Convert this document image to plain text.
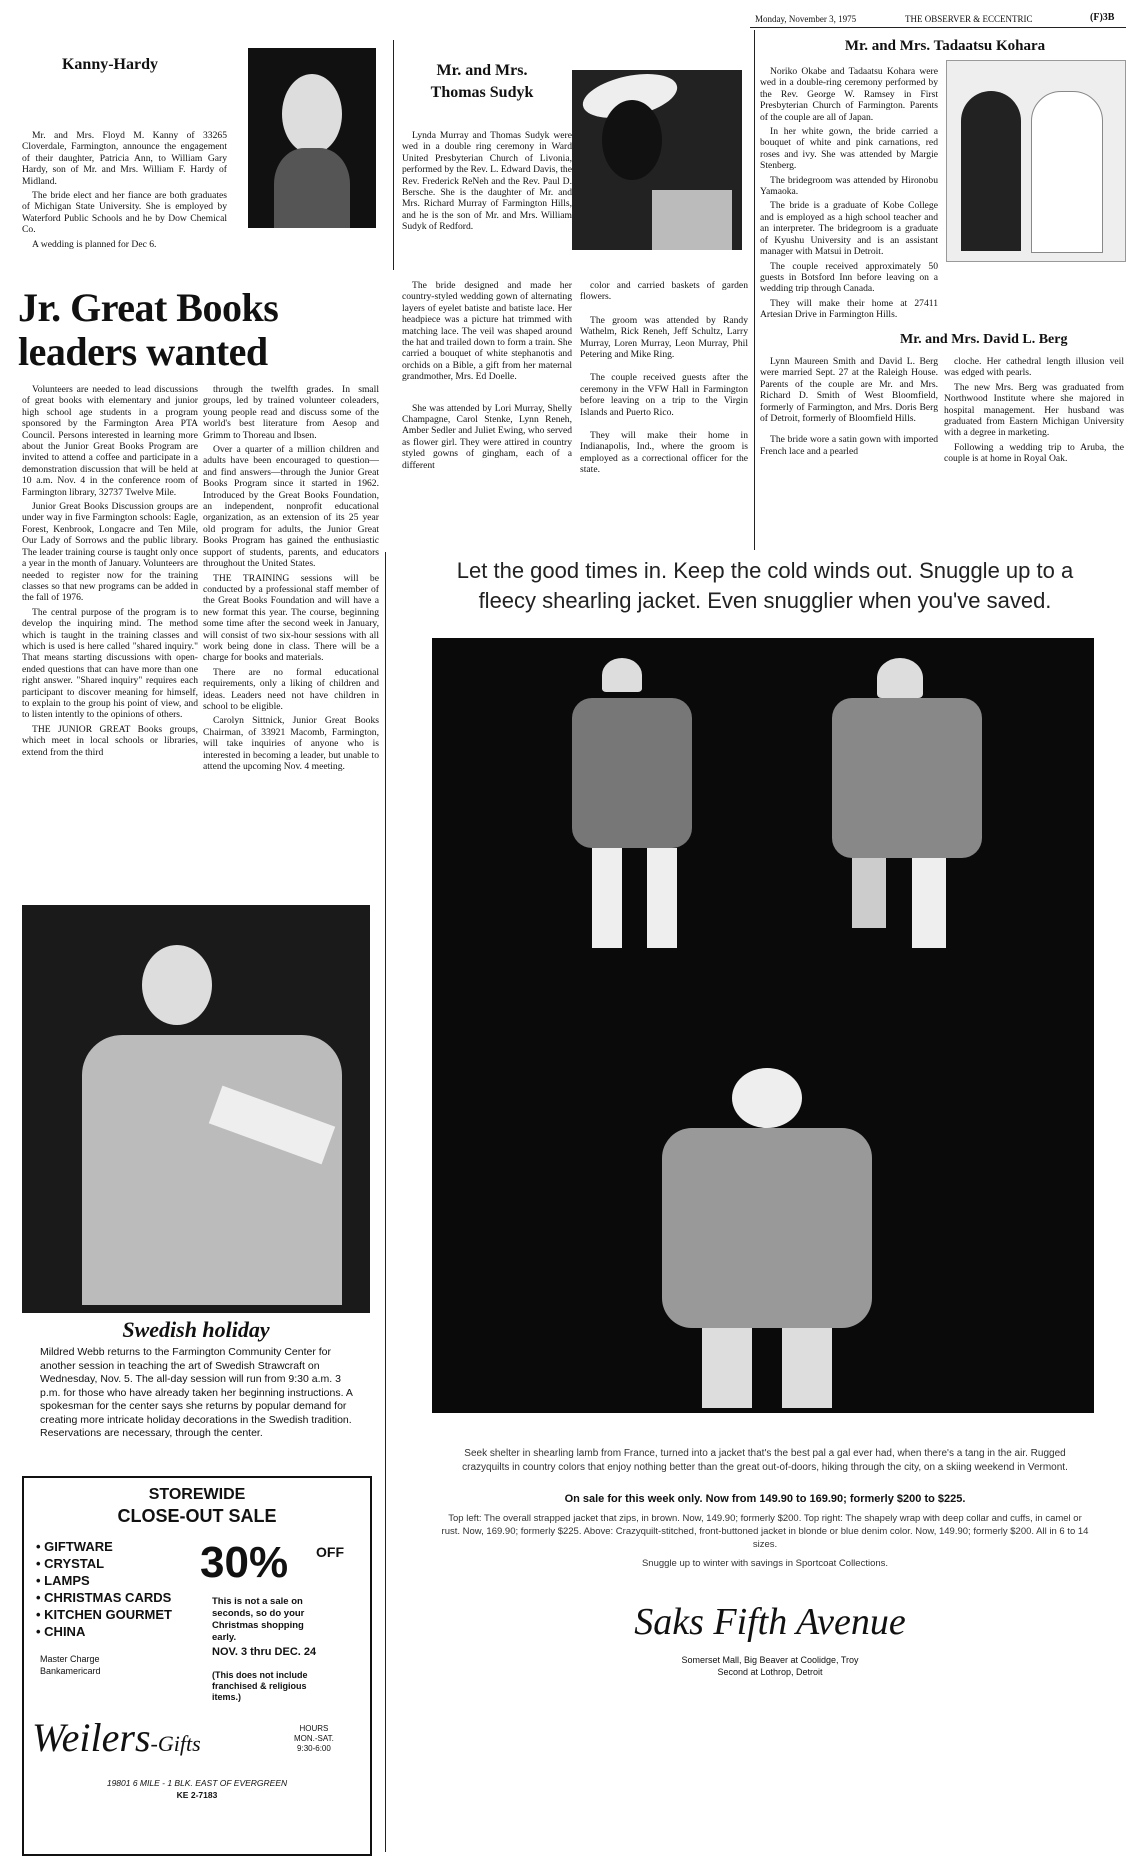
Monday, November 3, 1975	THE OBSERVER & ECCENTRIC	(F)3B
Kanny-Hardy

Mr. and Mrs. Floyd M. Kanny of 33265 Cloverdale, Farmington, announce the engagement of their daughter, Patricia Ann, to William Gary Hardy, son of Mr. and Mrs. William F. Hardy of Midland.

The bride elect and her fiance are both graduates of Michigan State University. She is employed by Waterford Public Schools and he by Dow Chemical Co.

A wedding is planned for Dec 6.

Jr. Great Books
leaders wanted

Volunteers are needed to lead discussions of great books with elementary and junior high school age students in a program sponsored by the Farmington Area PTA Council. Persons interested in learning more about the Junior Great Books Program are invited to attend a coffee and participate in a demonstration discussion that will be held at 10 a.m. Nov. 4 in the conference room of Farmington library, 32737 Twelve Mile.

Junior Great Books Discussion groups are under way in five Farmington schools: Eagle, Forest, Kenbrook, Longacre and Ten Mile, Our Lady of Sorrows and the public library. The leader training course is taught only once a year in the month of January. Volunteers are needed to register now for the training classes so that new programs can be added in the fall of 1976.

The central purpose of the program is to develop the inquiring mind. The method which is taught in the training classes and which is used is here called "shared inquiry." That means starting discussions with open-ended questions that can have more than one right answer. "Shared inquiry" requires each participant to discover meaning for himself, to explain to the group his point of view, and to listen intently to the opinions of others.

THE JUNIOR GREAT Books groups, which meet in local schools or libraries, extend from the third

through the twelfth grades. In small groups, led by trained volunteer coleaders, young people read and discuss some of the world's best literature from Aesop and Grimm to Thoreau and Ibsen.

Over a quarter of a million children and adults have been encouraged to question—and find answers—through the Junior Great Books Program since it started in 1962. Introduced by the Great Books Foundation, an independent, nonprofit educational organization, as an extension of its 25 year old program for adults, the Junior Great Books Program has gained the enthusiastic support of students, parents, and educators throughout the United States.

THE TRAINING sessions will be conducted by a professional staff member of the Great Books Foundation and will have a new format this year. The course, beginning some time after the second week in January, will consist of two six-hour sessions with all work being done in class. There will be a charge for books and materials.

There are no formal educational requirements, only a liking of children and ideas. Leaders need not have children in school to be eligible.

Carolyn Sittnick, Junior Great Books Chairman, of 33921 Macomb, Farmington, will take inquiries of anyone who is interested in becoming a leader, but unable to attend the upcoming Nov. 4 meeting.

Mr. and Mrs.
Thomas Sudyk

Lynda Murray and Thomas Sudyk were wed in a double ring ceremony in Ward United Presbyterian Church of Livonia, performed by the Rev. L. Edward Davis, the Rev. Frederick ReNeh and the Rev. Paul D. Bersche. She is the daughter of Mr. and Mrs. Richard Murray of Farmington Hills, and he is the son of Mr. and Mrs. William Sudyk of Redford.

The bride designed and made her country-styled wedding gown of alternating layers of eyelet batiste and batiste lace. Her headpiece was a picture hat trimmed with matching lace. The veil was shaped around the hat and trailed down to form a train. She carried a bouquet of white stephanotis and orchids on a Bible, a gift from her maternal grandmother, Mrs. Ed Doelle.

She was attended by Lori Murray, Shelly Champagne, Carol Stenke, Lynn Reneh, Amber Sedler and Juliet Ewing, who served as flower girl. They were attired in country styled gowns of gingham, each of a different

color and carried baskets of garden flowers.

The groom was attended by Randy Wathelm, Rick Reneh, Jeff Schultz, Larry Murray, Loren Murray, Leon Murray, Phil Petering and Mike Ring.

The couple received guests after the ceremony in the VFW Hall in Farmington before leaving on a trip to the Virgin Islands and Puerto Rico.

They will make their home in Indianapolis, Ind., where the groom is employed as a correctional officer for the state.

Mr. and Mrs. Tadaatsu Kohara

Noriko Okabe and Tadaatsu Kohara were wed in a double-ring ceremony performed by the Rev. George W. Ramsey in First Presbyterian Church of Farmington. Parents of the couple are all of Japan.

In her white gown, the bride carried a bouquet of white and pink carnations, red roses and ivy. She was attended by Margie Stenberg.

The bridegroom was attended by Hironobu Yamaoka.

The bride is a graduate of Kobe College and is employed as a high school teacher and an interpreter. The bridegroom is a graduate of Kyushu University and is an assistant manager with Matsui in Detroit.

The couple received approximately 50 guests in Botsford Inn before leaving on a wedding trip through Canada.

They will make their home at 27411 Artesian Drive in Farmington Hills.

Mr. and Mrs. David L. Berg

Lynn Maureen Smith and David L. Berg were married Sept. 27 at the Raleigh House. Parents of the couple are Mr. and Mrs. Richard D. Smith of West Bloomfield, formerly of Farmington, and Mrs. Doris Berg of Detroit, formerly of Bloomfield Hills.

The bride wore a satin gown with imported French lace and a pearled

cloche. Her cathedral length illusion veil was edged with pearls.

The new Mrs. Berg was graduated from Northwood Institute where she majored in hospital management. Her husband was graduated from Eastern Michigan University with a degree in marketing.

Following a wedding trip to Aruba, the couple is at home in Royal Oak.

Let the good times in. Keep the cold winds out. Snuggle up to a fleecy shearling jacket. Even snugglier when you've saved.
Seek shelter in shearling lamb from France, turned into a jacket that's the best pal a gal ever had, when there's a tang in the air. Rugged crazyquilts in country colors that enjoy nothing better than the great out-of-doors, hiking through the city, on a skiing weekend in Vermont.
On sale for this week only. Now from 149.90 to 169.90; formerly $200 to $225.
Top left: The overall strapped jacket that zips, in brown. Now, 149.90; formerly $200. Top right: The shapely wrap with deep collar and cuffs, in camel or rust. Now, 169.90; formerly $225. Above: Crazyquilt-stitched, front-buttoned jacket in blonde or blue denim color. Now, 149.90; formerly $200. All in 6 to 14 sizes.
Snuggle up to winter with savings in Sportcoat Collections.
Saks Fifth Avenue
Somerset Mall, Big Beaver at Coolidge, Troy
Second at Lothrop, Detroit
Swedish holiday
Mildred Webb returns to the Farmington Community Center for another session in teaching the art of Swedish Strawcraft on Wednesday, Nov. 5. The all-day session will run from 9:30 a.m. 3 p.m. for those who have already taken her beginning instructions. A spokesman for the center says she returns by popular demand for creating more intricate holiday decorations in the Swedish tradition. Reservations are necessary, through the center.
STOREWIDE
CLOSE-OUT SALE
• GIFTWARE
• CRYSTAL
• LAMPS
• CHRISTMAS CARDS
• KITCHEN GOURMET
• CHINA
30% OFF
This is not a sale on seconds, so do your Christmas shopping early.
NOV. 3 thru DEC. 24
Master Charge
Bankamericard	(This does not include franchised & religious items.)
Weilers-Gifts
HOURS
MON.-SAT.
9:30-6:00
19801 6 MILE - 1 BLK. EAST OF EVERGREEN
KE 2-7183
